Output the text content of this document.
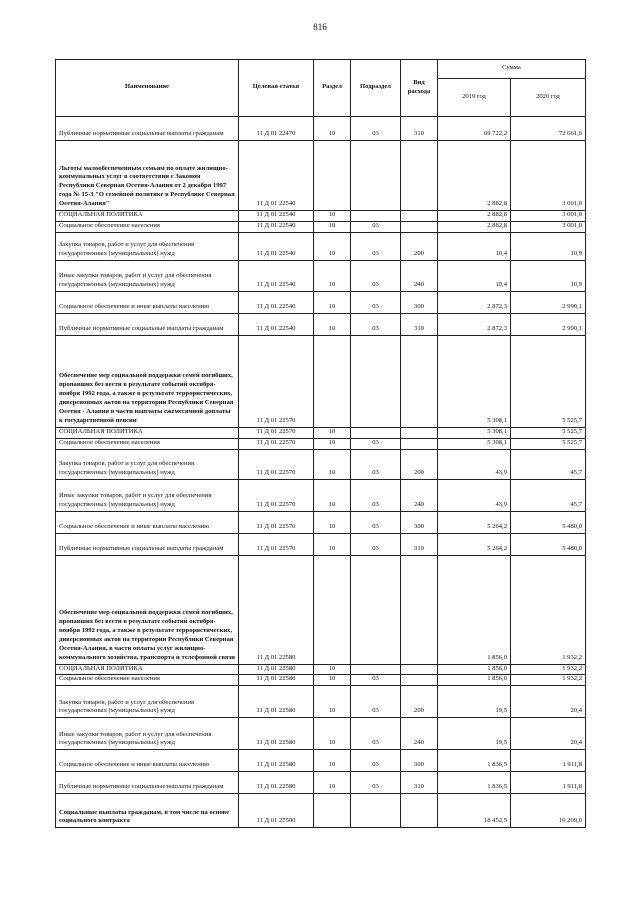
816
Наименование	Целевая статья	Раздел	Подраздел	Вид расхода	Сумма	
					2019 год	2020 год
Публичные нормативные социальные выплаты гражданам	11 Д 01 22470	10	03	310	69 722,2	72 661,6
Льготы малообеспеченным семьям по оплате жилищно-коммунальных услуг в соответствии с Законом Республики Северная Осетия-Алания от 2 декабря 1997 года № 15-3 "О семейной политике в Республике Северная Осетия-Алания"	11 Д 01 22540				2 882,8	3 001,0
СОЦИАЛЬНАЯ ПОЛИТИКА	11 Д 01 22540	10			2 882,8	3 001,0
Социальное обеспечение населения	11 Д 01 22540	10	03		2 882,8	3 001,0
Закупка товаров, работ и услуг для обеспечения государственных (муниципальных) нужд	11 Д 01 22540	10	03	200	10,4	10,9
Иные закупки товаров, работ и услуг для обеспечения государственных (муниципальных) нужд	11 Д 01 22540	10	03	240	10,4	10,9
Социальное обеспечение и иные выплаты населению	11 Д 01 22540	10	03	300	2 872,3	2 990,1
Публичные нормативные социальные выплаты гражданам	11 Д 01 22540	10	03	310	2 872,3	2 990,1
Обеспечение мер социальной поддержки семей погибших, пропавших без вести в результате событий октября-ноября 1992 года, а также в результате террористических, диверсионных актов на территории Республики Северная Осетия - Алания в части выплаты ежемесячной доплаты к государственной пенсии	11 Д 01 22570				5 308,1	5 525,7
СОЦИАЛЬНАЯ ПОЛИТИКА	11 Д 01 22570	10			5 308,1	5 525,7
Социальное обеспечение населения	11 Д 01 22570	10	03		5 308,1	5 525,7
Закупка товаров, работ и услуг для обеспечения государственных (муниципальных) нужд	11 Д 01 22570	10	03	200	43,9	45,7
Иные закупки товаров, работ и услуг для обеспечения государственных (муниципальных) нужд	11 Д 01 22570	10	03	240	43,9	45,7
Социальное обеспечение и иные выплаты населению	11 Д 01 22570	10	03	300	5 264,2	5 480,0
Публичные нормативные социальные выплаты гражданам	11 Д 01 22570	10	03	310	5 264,2	5 480,0
Обеспечение мер социальной поддержки семей погибших, пропавших без вести в результате событий октября-ноября 1992 года, а также в результате террористических, диверсионных актов на территории Республики Северная Осетия-Алания, в части оплаты услуг жилищно-коммунального хозяйства, транспорта и телефонной связи	11 Д 01 22580				1 856,0	1 932,2
СОЦИАЛЬНАЯ ПОЛИТИКА	11 Д 01 22580	10			1 856,0	1 932,2
Социальное обеспечение населения	11 Д 01 22580	10	03		1 856,0	1 932,2
Закупка товаров, работ и услуг для обеспечения государственных (муниципальных) нужд	11 Д 01 22580	10	03	200	19,5	20,4
Иные закупки товаров, работ и услуг для обеспечения государственных (муниципальных) нужд	11 Д 01 22580	10	03	240	19,5	20,4
Социальное обеспечение и иные выплаты населению	11 Д 01 22580	10	03	300	1 836,5	1 911,8
Публичные нормативные социальные выплаты гражданам	11 Д 01 22580	10	03	310	1 836,5	1 911,8
Социальные выплаты гражданам, в том числе на основе социального контракта	11 Д 01 27500				18 452,5	19 209,0
